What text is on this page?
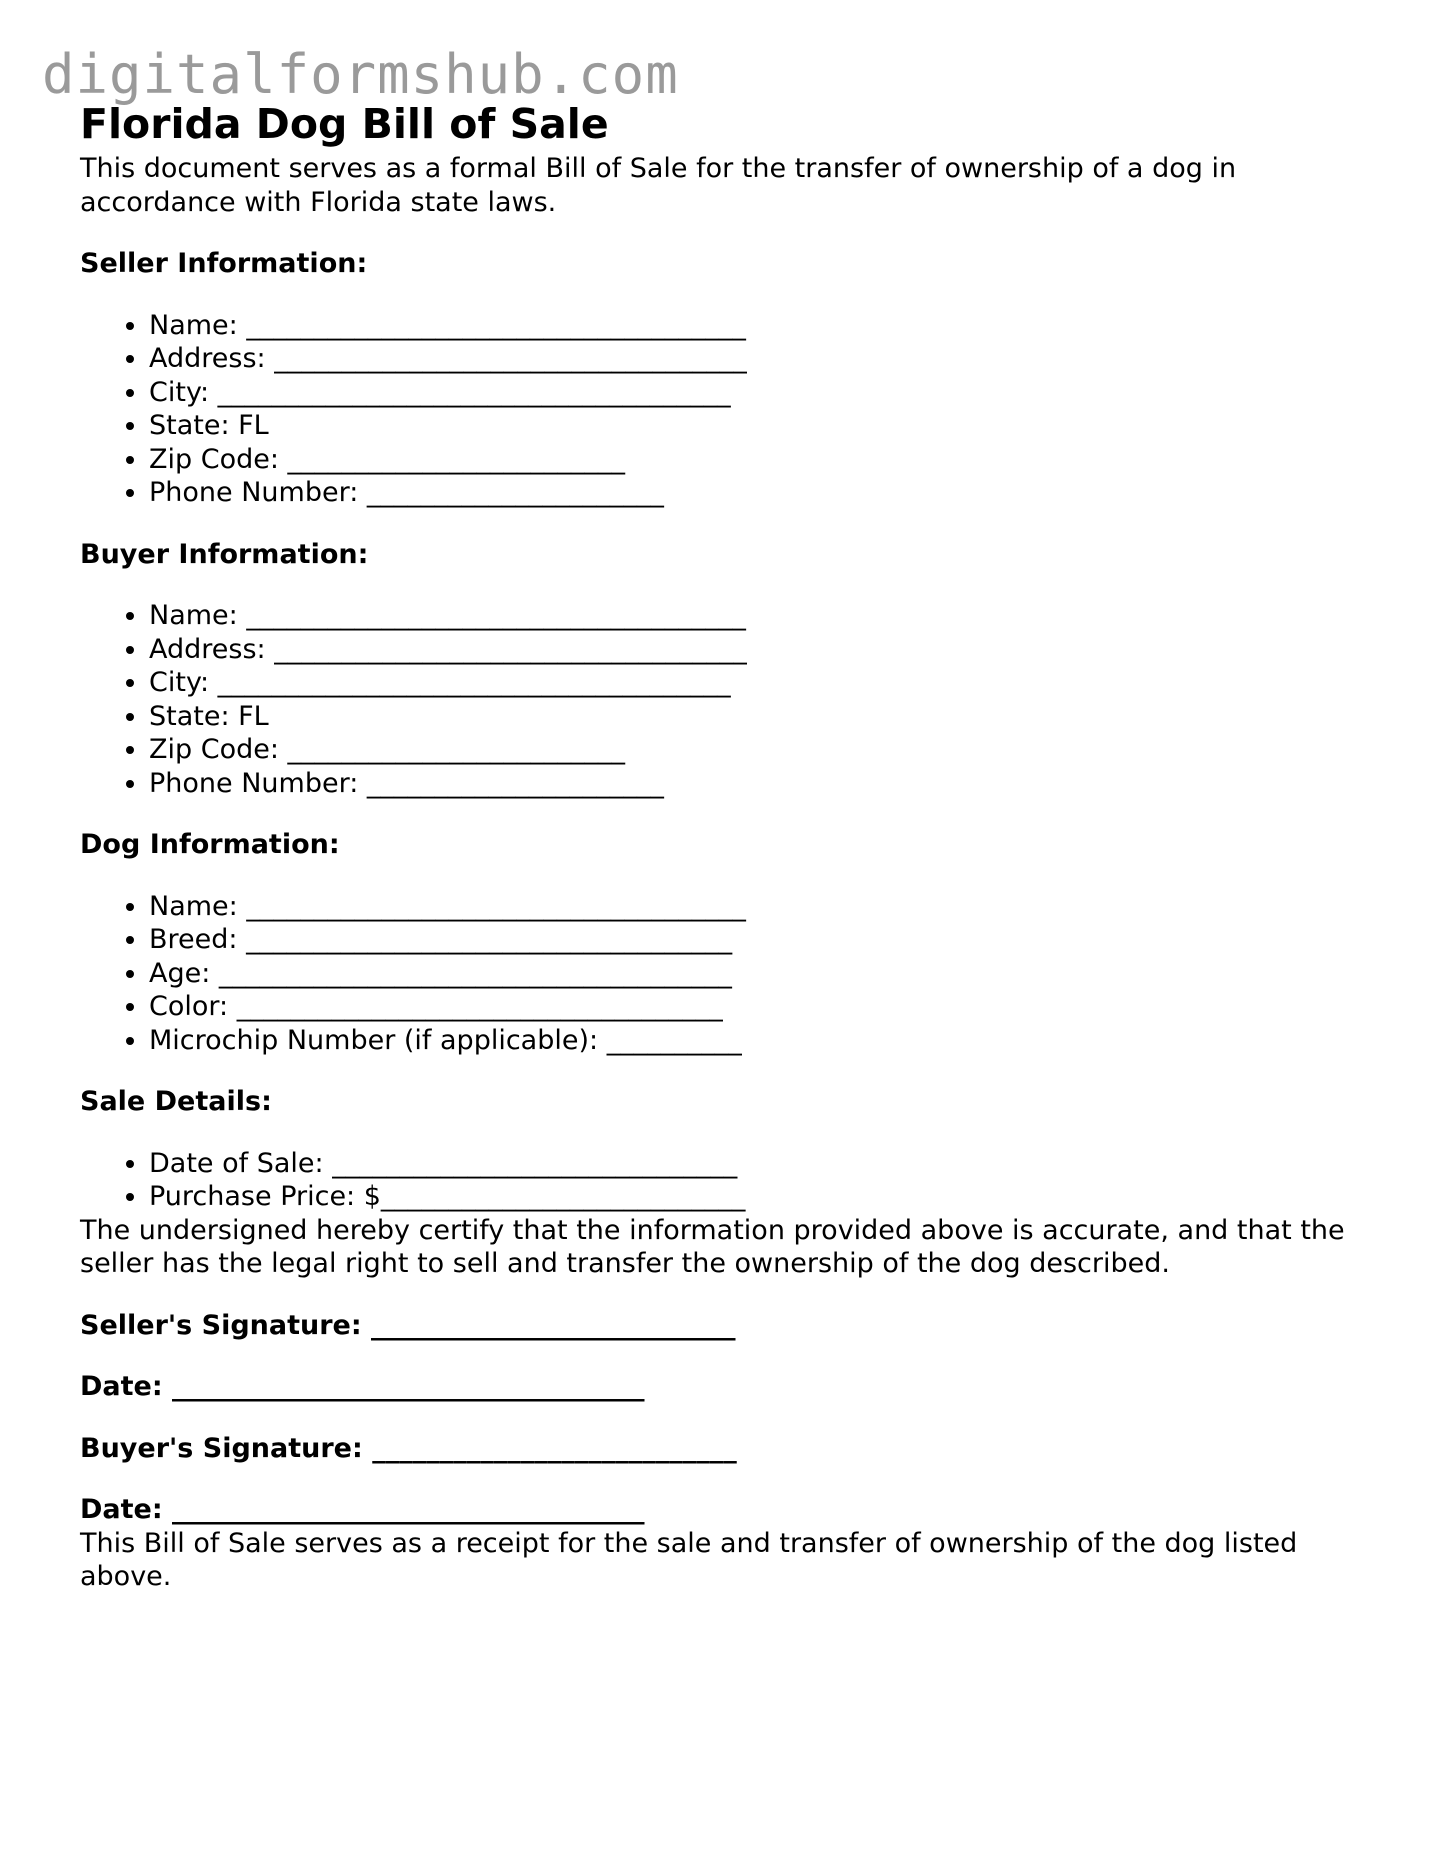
digitalformshub.com
Florida Dog Bill of Sale

This document serves as a formal Bill of Sale for the transfer of ownership of a dog in accordance with Florida state laws.

Seller Information:
• Name: _____________________________________
• Address: ___________________________________
• City: ______________________________________
• State: FL
• Zip Code: _________________________
• Phone Number: ______________________
Buyer Information:
• Name: _____________________________________
• Address: ___________________________________
• City: ______________________________________
• State: FL
• Zip Code: _________________________
• Phone Number: ______________________
Dog Information:
• Name: _____________________________________
• Breed: ____________________________________
• Age: ______________________________________
• Color: ____________________________________
• Microchip Number (if applicable): __________
Sale Details:
• Date of Sale: ______________________________
• Purchase Price: $___________________________

The undersigned hereby certify that the information provided above is accurate, and that the seller has the legal right to sell and transfer the ownership of the dog described.

Seller's Signature: ___________________________

Date: ___________________________________

Buyer's Signature: ___________________________

Date: ___________________________________

This Bill of Sale serves as a receipt for the sale and transfer of ownership of the dog listed above.
